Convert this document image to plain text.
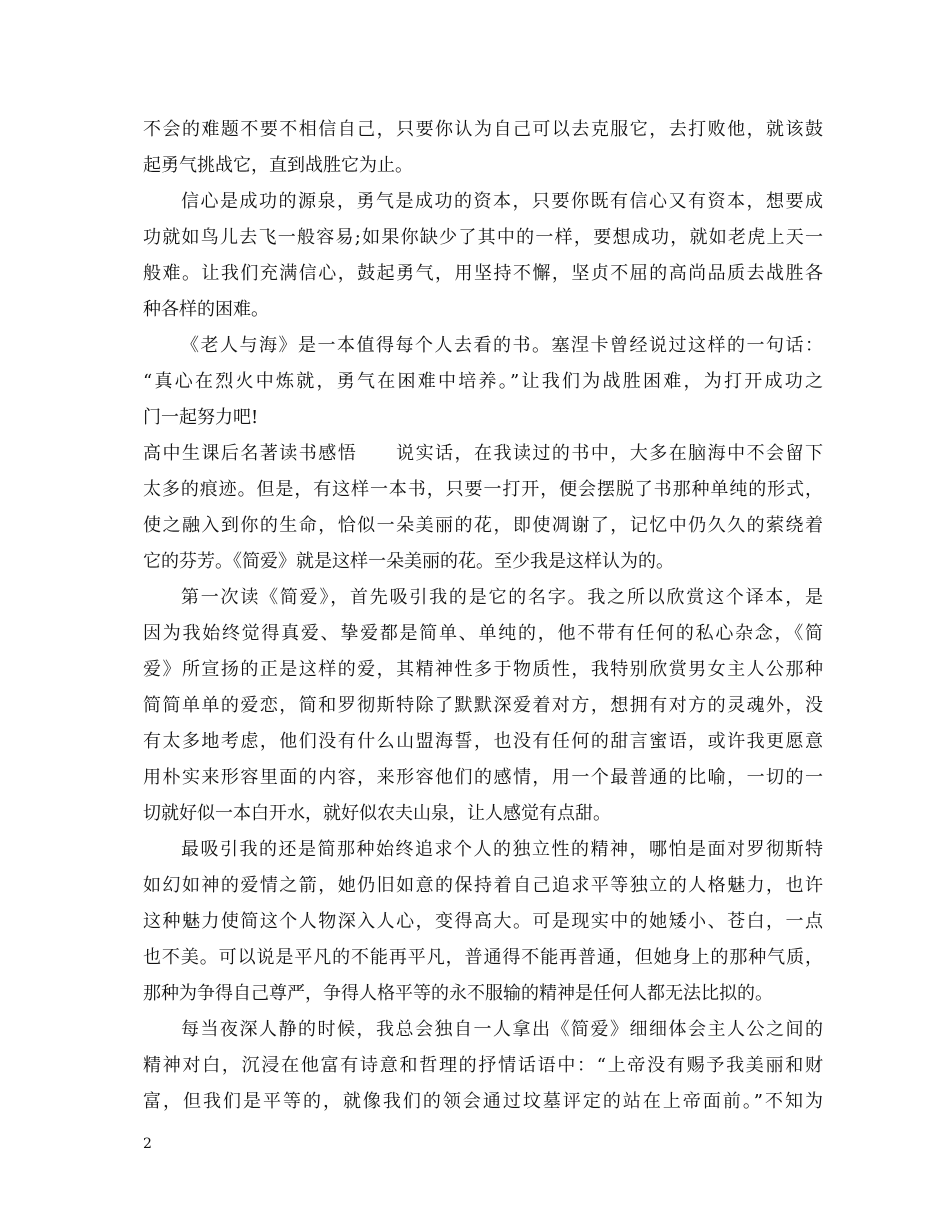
不会的难题不要不相信自己，只要你认为自己可以去克服它，去打败他，就该鼓
起勇气挑战它，直到战胜它为止。
信心是成功的源泉，勇气是成功的资本，只要你既有信心又有资本，想要成
功就如鸟儿去飞一般容易;如果你缺少了其中的一样，要想成功，就如老虎上天一
般难。让我们充满信心，鼓起勇气，用坚持不懈，坚贞不屈的高尚品质去战胜各
种各样的困难。
《老人与海》是一本值得每个人去看的书。塞涅卡曾经说过这样的一句话：
“真心在烈火中炼就，勇气在困难中培养。”让我们为战胜困难，为打开成功之
门一起努力吧!
高中生课后名著读书感悟　　说实话，在我读过的书中，大多在脑海中不会留下
太多的痕迹。但是，有这样一本书，只要一打开，便会摆脱了书那种单纯的形式，
使之融入到你的生命，恰似一朵美丽的花，即使凋谢了，记忆中仍久久的萦绕着
它的芬芳。《简爱》就是这样一朵美丽的花。至少我是这样认为的。
第一次读《简爱》，首先吸引我的是它的名字。我之所以欣赏这个译本，是
因为我始终觉得真爱、挚爱都是简单、单纯的，他不带有任何的私心杂念，《简
爱》所宣扬的正是这样的爱，其精神性多于物质性，我特别欣赏男女主人公那种
简简单单的爱恋，简和罗彻斯特除了默默深爱着对方，想拥有对方的灵魂外，没
有太多地考虑，他们没有什么山盟海誓，也没有任何的甜言蜜语，或许我更愿意
用朴实来形容里面的内容，来形容他们的感情，用一个最普通的比喻，一切的一
切就好似一本白开水，就好似农夫山泉，让人感觉有点甜。
最吸引我的还是简那种始终追求个人的独立性的精神，哪怕是面对罗彻斯特
如幻如神的爱情之箭，她仍旧如意的保持着自己追求平等独立的人格魅力，也许
这种魅力使简这个人物深入人心，变得高大。可是现实中的她矮小、苍白，一点
也不美。可以说是平凡的不能再平凡，普通得不能再普通，但她身上的那种气质，
那种为争得自己尊严，争得人格平等的永不服输的精神是任何人都无法比拟的。
每当夜深人静的时候，我总会独自一人拿出《简爱》细细体会主人公之间的
精神对白，沉浸在他富有诗意和哲理的抒情话语中：“上帝没有赐予我美丽和财
富，但我们是平等的，就像我们的领会通过坟墓评定的站在上帝面前。”不知为
2
